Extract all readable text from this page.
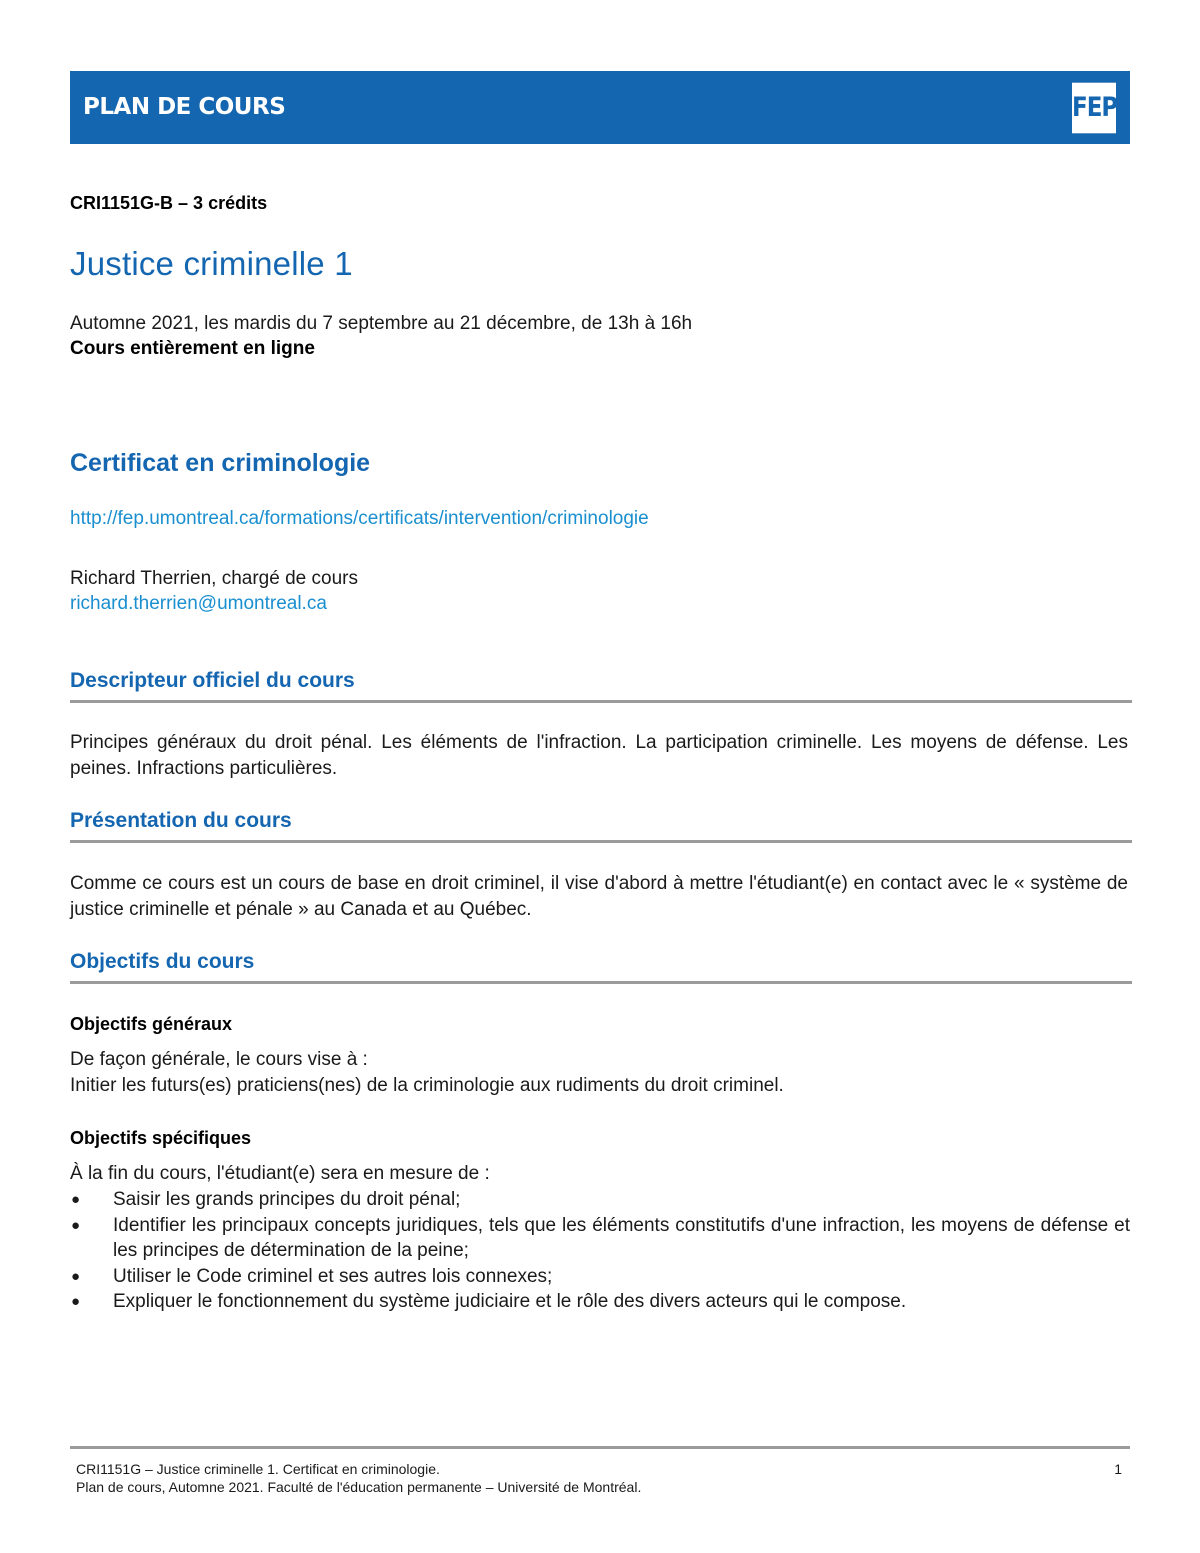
PLAN DE COURS	FEP
CRI1151G-B – 3 crédits
Justice criminelle 1
Automne 2021, les mardis du 7 septembre au 21 décembre, de 13h à 16h
Cours entièrement en ligne
Certificat en criminologie
http://fep.umontreal.ca/formations/certificats/intervention/criminologie
Richard Therrien, chargé de cours
richard.therrien@umontreal.ca
Descripteur officiel du cours

Principes généraux du droit pénal. Les éléments de l'infraction. La participation criminelle. Les moyens de défense. Les peines. Infractions particulières.

Présentation du cours

Comme ce cours est un cours de base en droit criminel, il vise d'abord à mettre l'étudiant(e) en contact avec le « système de justice criminelle et pénale » au Canada et au Québec.

Objectifs du cours
Objectifs généraux
De façon générale, le cours vise à :
Initier les futurs(es) praticiens(nes) de la criminologie aux rudiments du droit criminel.
Objectifs spécifiques
À la fin du cours, l'étudiant(e) sera en mesure de :
● Saisir les grands principes du droit pénal;
● Identifier les principaux concepts juridiques, tels que les éléments constitutifs d'une infraction, les moyens de défense et les principes de détermination de la peine;
● Utiliser le Code criminel et ses autres lois connexes;
● Expliquer le fonctionnement du système judiciaire et le rôle des divers acteurs qui le compose.
CRI1151G – Justice criminelle 1. Certificat en criminologie.
Plan de cours, Automne 2021. Faculté de l'éducation permanente – Université de Montréal.
1
